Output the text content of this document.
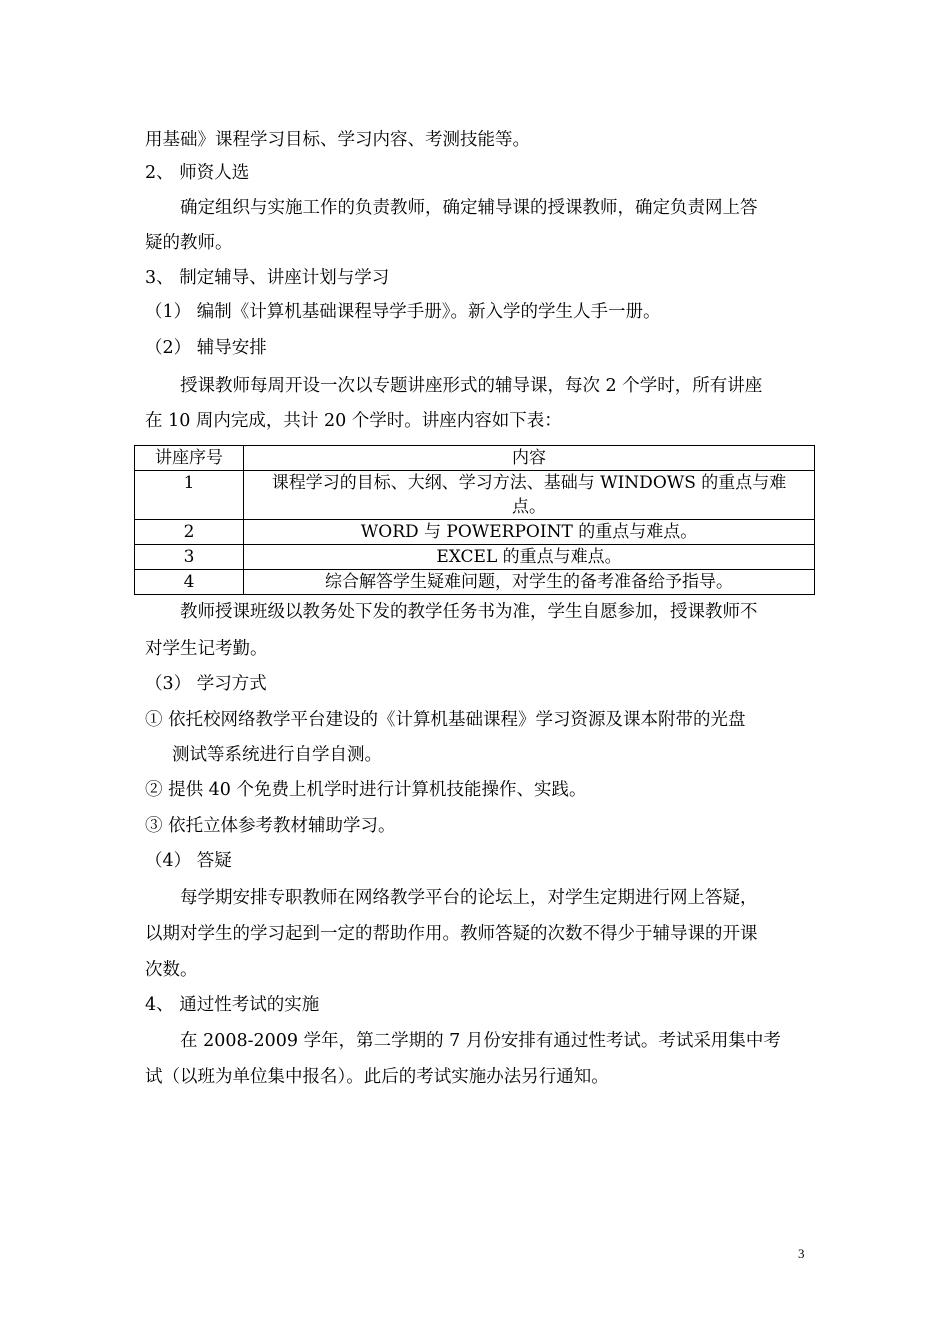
用基础》课程学习目标、学习内容、考测技能等。
2、 师资人选
确定组织与实施工作的负责教师，确定辅导课的授课教师，确定负责网上答
疑的教师。
3、 制定辅导、讲座计划与学习
（1） 编制《计算机基础课程导学手册》。新入学的学生人手一册。
（2） 辅导安排
授课教师每周开设一次以专题讲座形式的辅导课，每次 2 个学时，所有讲座
在 10 周内完成，共计 20 个学时。讲座内容如下表：
讲座序号	内容
1	课程学习的目标、大纲、学习方法、基础与 WINDOWS 的重点与难
点。

2	WORD 与 POWERPOINT 的重点与难点。
3	EXCEL 的重点与难点。
4	综合解答学生疑难问题，对学生的备考准备给予指导。
教师授课班级以教务处下发的教学任务书为准，学生自愿参加，授课教师不
对学生记考勤。
（3） 学习方式
① 依托校网络教学平台建设的《计算机基础课程》学习资源及课本附带的光盘
测试等系统进行自学自测。
② 提供 40 个免费上机学时进行计算机技能操作、实践。
③ 依托立体参考教材辅助学习。
（4） 答疑
每学期安排专职教师在网络教学平台的论坛上，对学生定期进行网上答疑，
以期对学生的学习起到一定的帮助作用。教师答疑的次数不得少于辅导课的开课
次数。
4、 通过性考试的实施
在 2008-2009 学年，第二学期的 7 月份安排有通过性考试。考试采用集中考
试（以班为单位集中报名）。此后的考试实施办法另行通知。
3
